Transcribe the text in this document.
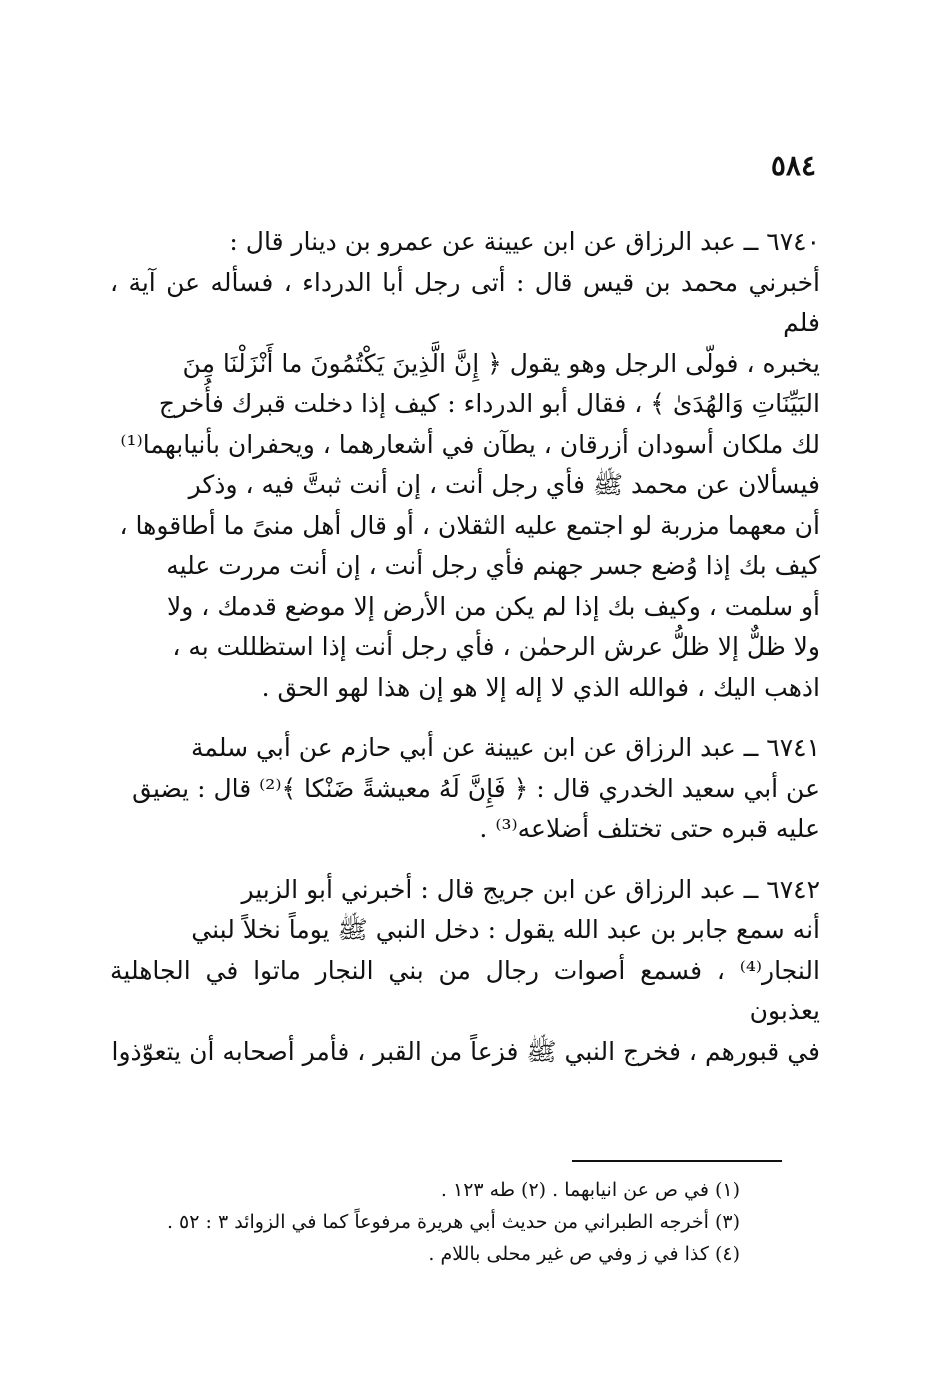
٥٨٤

٦٧٤٠ ــ عبد الرزاق عن ابن عيينة عن عمرو بن دينار قال :

أخبرني محمد بن قيس قال : أتى رجل أبا الدرداء ، فسأله عن آية ، فلم

يخبره ، فولّى الرجل وهو يقول ﴿ إِنَّ الَّذِينَ يَكْتُمُونَ ما أَنْزَلْنَا مِنَ

البَيِّنَاتِ وَالهُدَىٰ ﴾ ، فقال أبو الدرداء : كيف إذا دخلت قبرك فأُخرج

لك ملكان أسودان أزرقان ، يطآن في أشعارهما ، ويحفران بأنيابهما⁽¹⁾

فيسألان عن محمد ﷺ فأي رجل أنت ، إن أنت ثبتَّ فيه ، وذكر

أن معهما مزربة لو اجتمع عليه الثقلان ، أو قال أهل منىً ما أطاقوها ،

كيف بك إذا وُضع جسر جهنم فأي رجل أنت ، إن أنت مررت عليه

أو سلمت ، وكيف بك إذا لم يكن من الأرض إلا موضع قدمك ، ولا

ولا ظلٌّ إلا ظلُّ عرش الرحمٰن ، فأي رجل أنت إذا استظللت به ،

اذهب اليك ، فوالله الذي لا إله إلا هو إن هذا لهو الحق .

٦٧٤١ ــ عبد الرزاق عن ابن عيينة عن أبي حازم عن أبي سلمة

عن أبي سعيد الخدري قال : ﴿ فَإِنَّ لَهُ معيشةً ضَنْكا ﴾⁽²⁾ قال : يضيق

عليه قبره حتى تختلف أضلاعه⁽³⁾ .

٦٧٤٢ ــ عبد الرزاق عن ابن جريج قال : أخبرني أبو الزبير

أنه سمع جابر بن عبد الله يقول : دخل النبي ﷺ يوماً نخلاً لبني

النجار⁽⁴⁾ ، فسمع أصوات رجال من بني النجار ماتوا في الجاهلية يعذبون

في قبورهم ، فخرج النبي ﷺ فزعاً من القبر ، فأمر أصحابه أن يتعوّذوا

(١) في ص عن انيابهما . (٢) طه ١٢٣ .
(٣) أخرجه الطبراني من حديث أبي هريرة مرفوعاً كما في الزوائد ٣ : ٥٢ .
(٤) كذا في ز وفي ص غير محلى باللام .
